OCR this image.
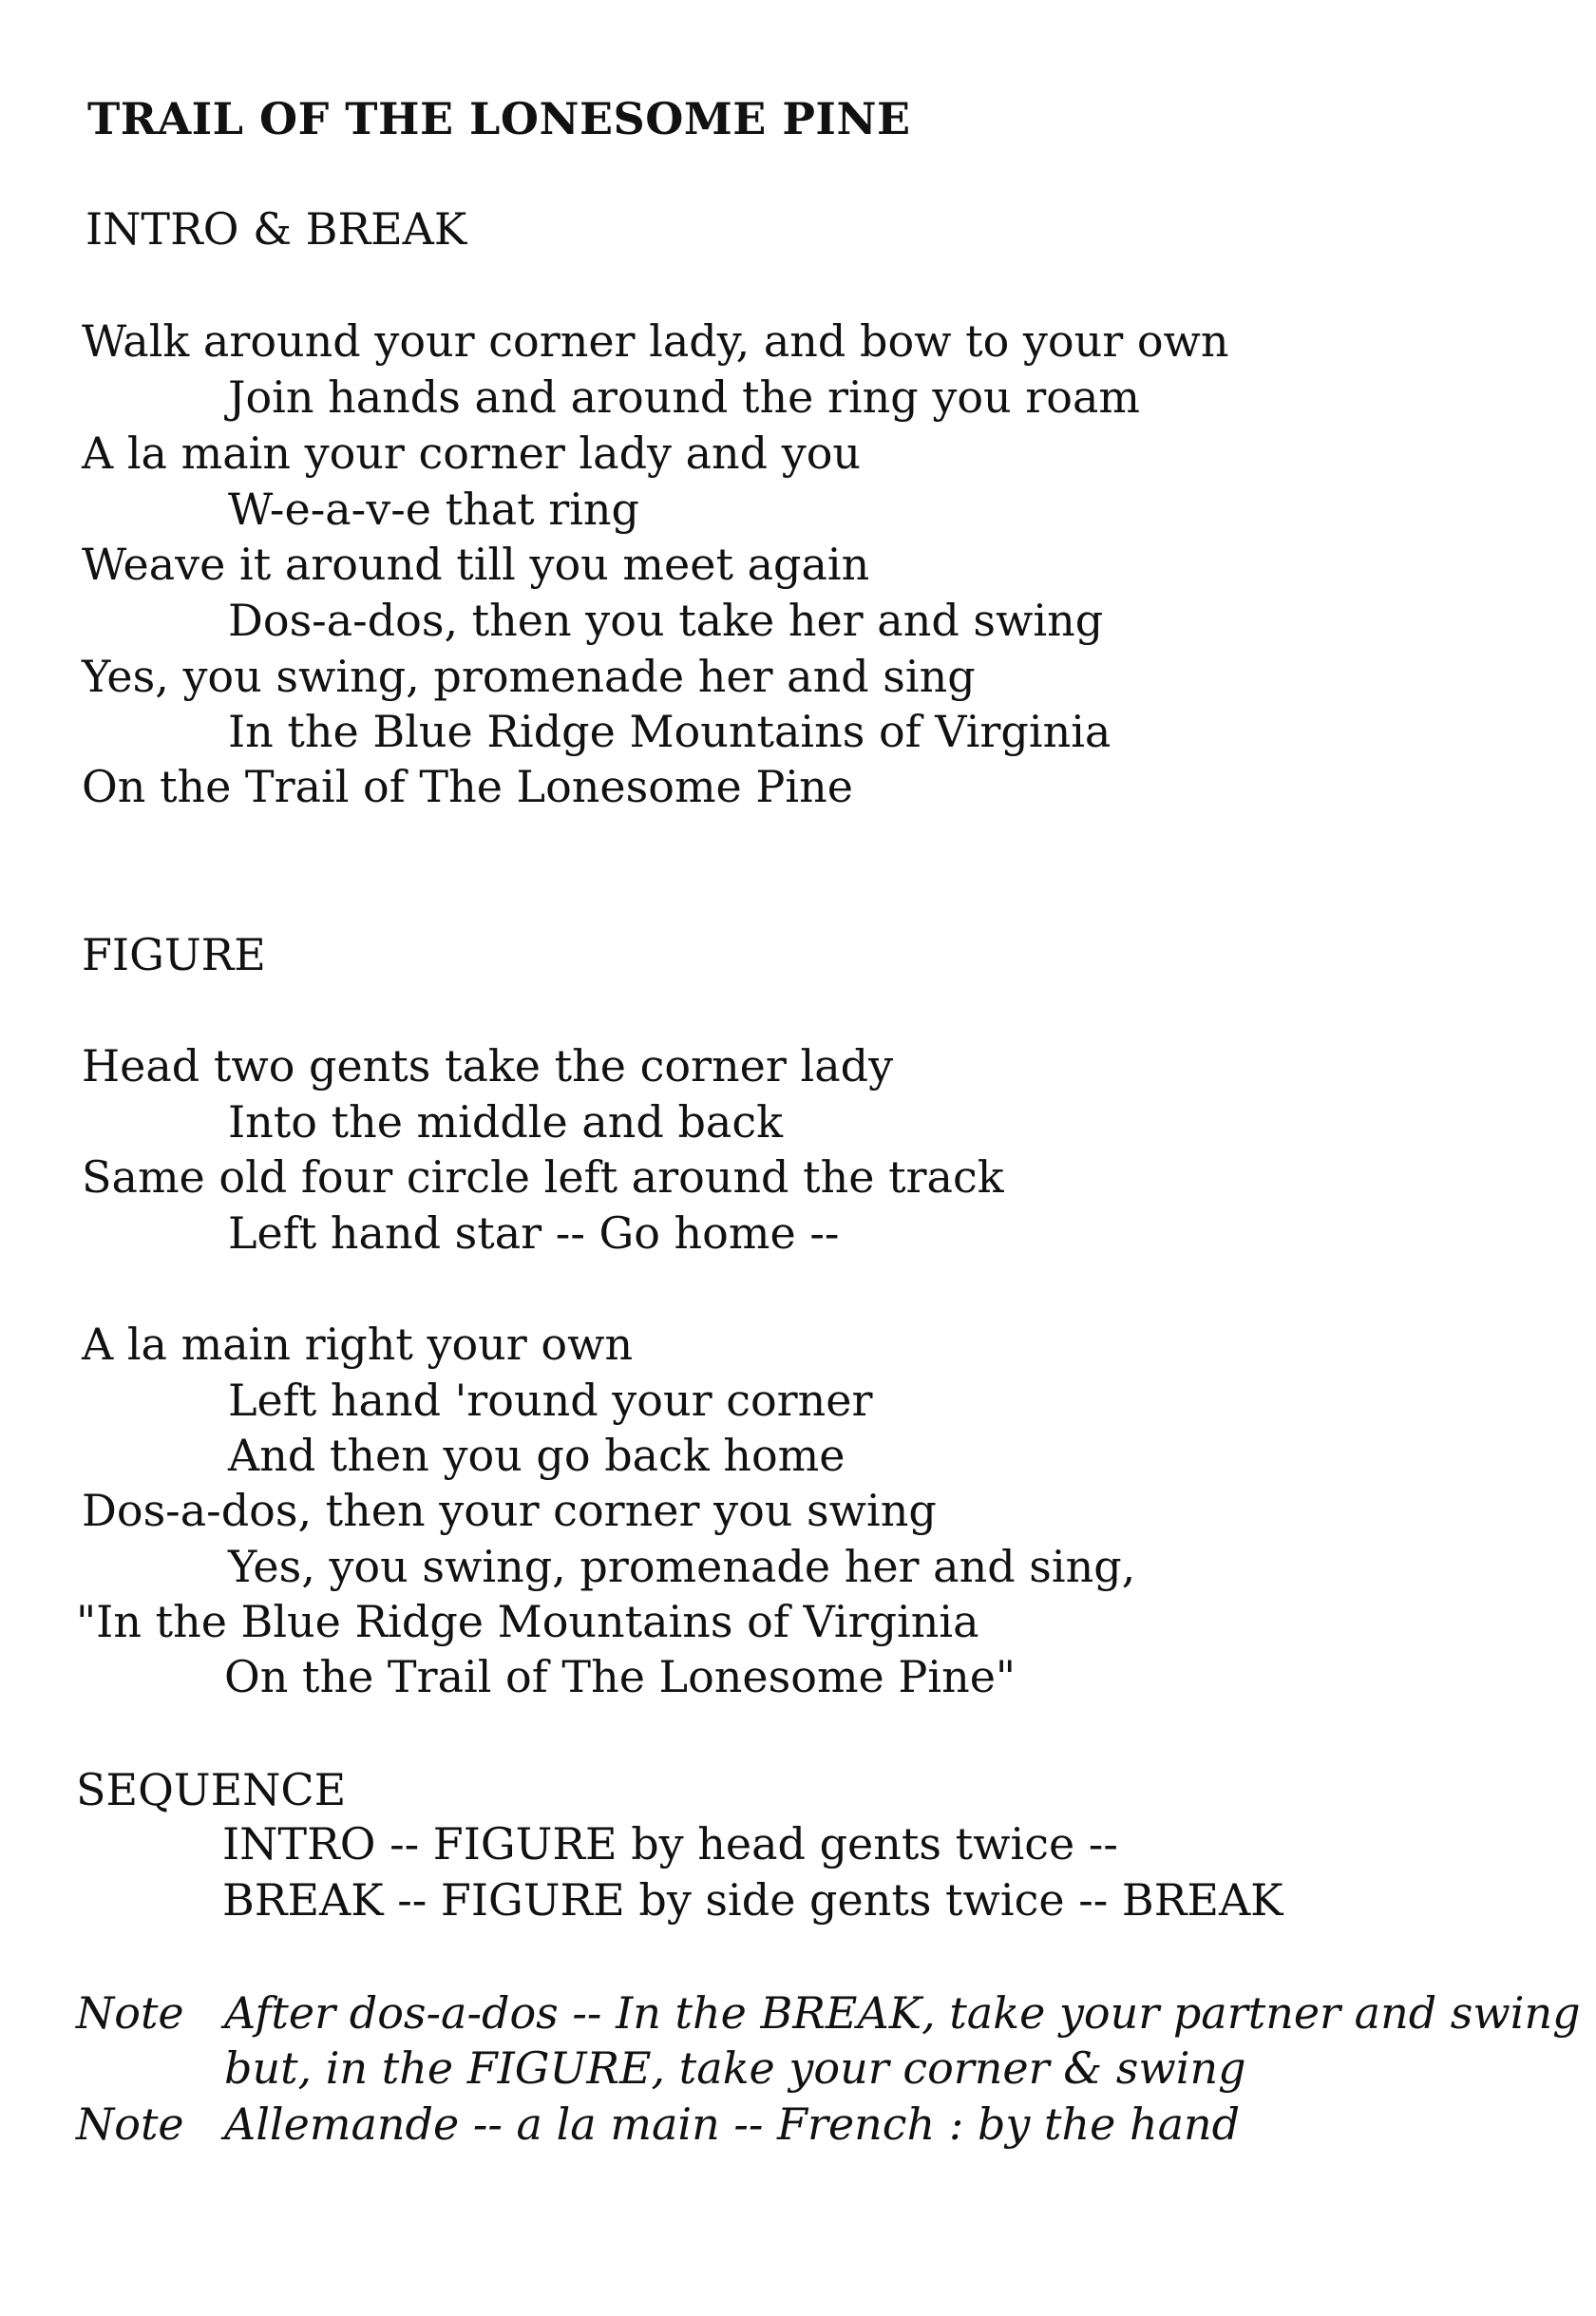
TRAIL OF THE LONESOME PINE
INTRO & BREAK
Walk around your corner lady, and bow to your own
Join hands and around the ring you roam
A la main your corner lady and you
W-e-a-v-e that ring
Weave it around till you meet again
Dos-a-dos, then you take her and swing
Yes, you swing, promenade her and sing
In the Blue Ridge Mountains of Virginia
On the Trail of The Lonesome Pine
FIGURE
Head two gents take the corner lady
Into the middle and back
Same old four circle left around the track
Left hand star -- Go home --
A la main right your own
Left hand 'round your corner
And then you go back home
Dos-a-dos, then your corner you swing
Yes, you swing, promenade her and sing,
"In the Blue Ridge Mountains of Virginia
On the Trail of The Lonesome Pine"
SEQUENCE
INTRO -- FIGURE by head gents twice --
BREAK -- FIGURE by side gents twice -- BREAK
Note After dos-a-dos -- In the BREAK, take your partner and swing
but, in the FIGURE, take your corner & swing
Note Allemande -- a la main -- French : by the hand
